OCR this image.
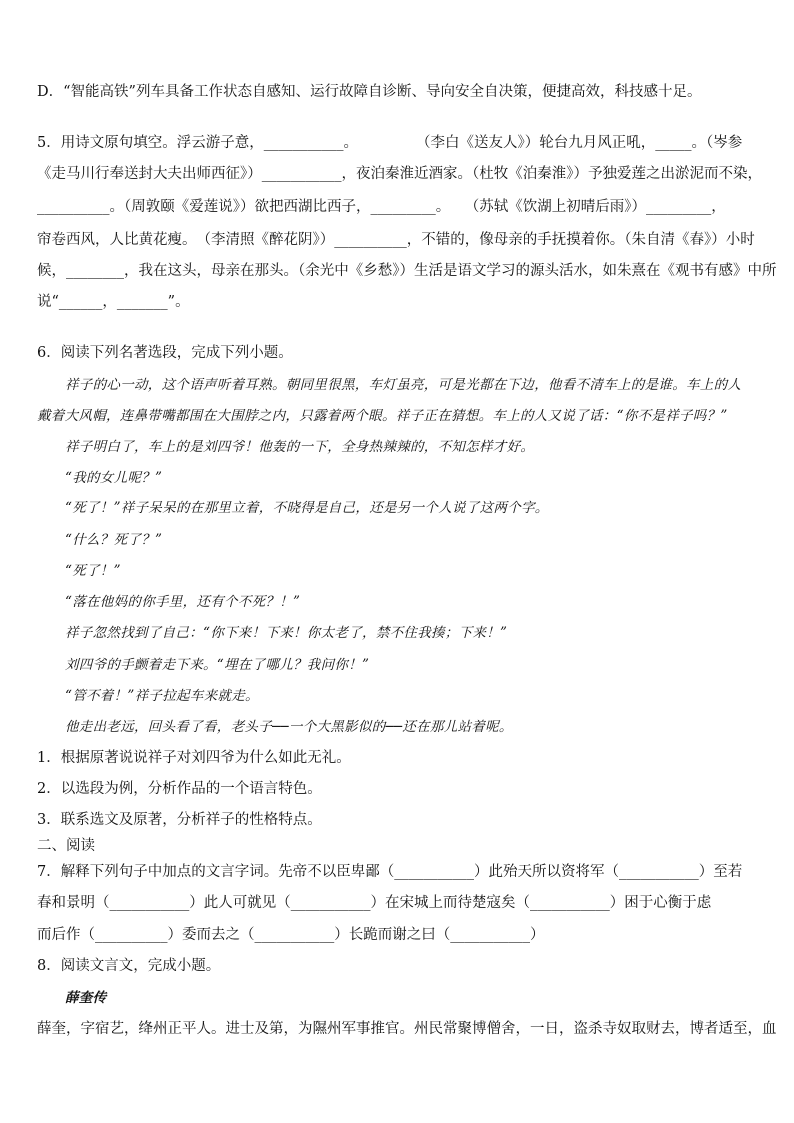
D．“智能高铁”列车具备工作状态自感知、运行故障自诊断、导向安全自决策，便捷高效，科技感十足。
5．用诗文原句填空。浮云游子意，___________。　　　　　（李白《送友人》）轮台九月风正吼，_____。（岑参
《走马川行奉送封大夫出师西征》）___________，夜泊秦淮近酒家。（杜牧《泊秦淮》）予独爱莲之出淤泥而不染，
__________。（周敦颐《爱莲说》）欲把西湖比西子，_________。　　（苏轼《饮湖上初晴后雨》）_________，
帘卷西风，人比黄花瘦。　（李清照《醉花阴》）__________，不错的，像母亲的手抚摸着你。（朱自清《春》）小时
候，________，我在这头，母亲在那头。（余光中《乡愁》）生活是语文学习的源头活水，如朱熹在《观书有感》中所
说“______，_______”。
6．阅读下列名著选段，完成下列小题。
祥子的心一动，这个语声听着耳熟。朝同里很黑，车灯虽亮，可是光都在下边，他看不清车上的是谁。车上的人
戴着大风帽，连鼻带嘴都围在大围脖之内，只露着两个眼。祥子正在猜想。车上的人又说了话：“你不是祥子吗？”
祥子明白了，车上的是刘四爷！他轰的一下，全身热辣辣的，不知怎样才好。
“我的女儿呢？”
“死了！”祥子呆呆的在那里立着，不晓得是自己，还是另一个人说了这两个字。
“什么？死了？”
“死了！”
“落在他妈的你手里，还有个不死？！”
祥子忽然找到了自己：“你下来！下来！你太老了，禁不住我揍；下来！”
刘四爷的手颤着走下来。“埋在了哪儿？我问你！”
“管不着！”祥子拉起车来就走。
他走出老远，回头看了看，老头子──一个大黑影似的──还在那儿站着呢。
1．根据原著说说祥子对刘四爷为什么如此无礼。
2．以选段为例，分析作品的一个语言特色。
3．联系选文及原著，分析祥子的性格特点。
二、阅读
7．解释下列句子中加点的文言字词。先帝不以臣卑鄙（___________）此殆天所以资将军（___________）至若
春和景明（___________）此人可就见（___________）在宋城上而待楚寇矣（___________）困于心衡于虑
而后作（__________）委而去之（___________）长跪而谢之曰（___________）
8．阅读文言文，完成小题。
薛奎传
薛奎，字宿艺，绛州正平人。进士及第，为隰州军事推官。州民常聚博僧舍，一日，盗杀寺奴取财去，博者适至，血
